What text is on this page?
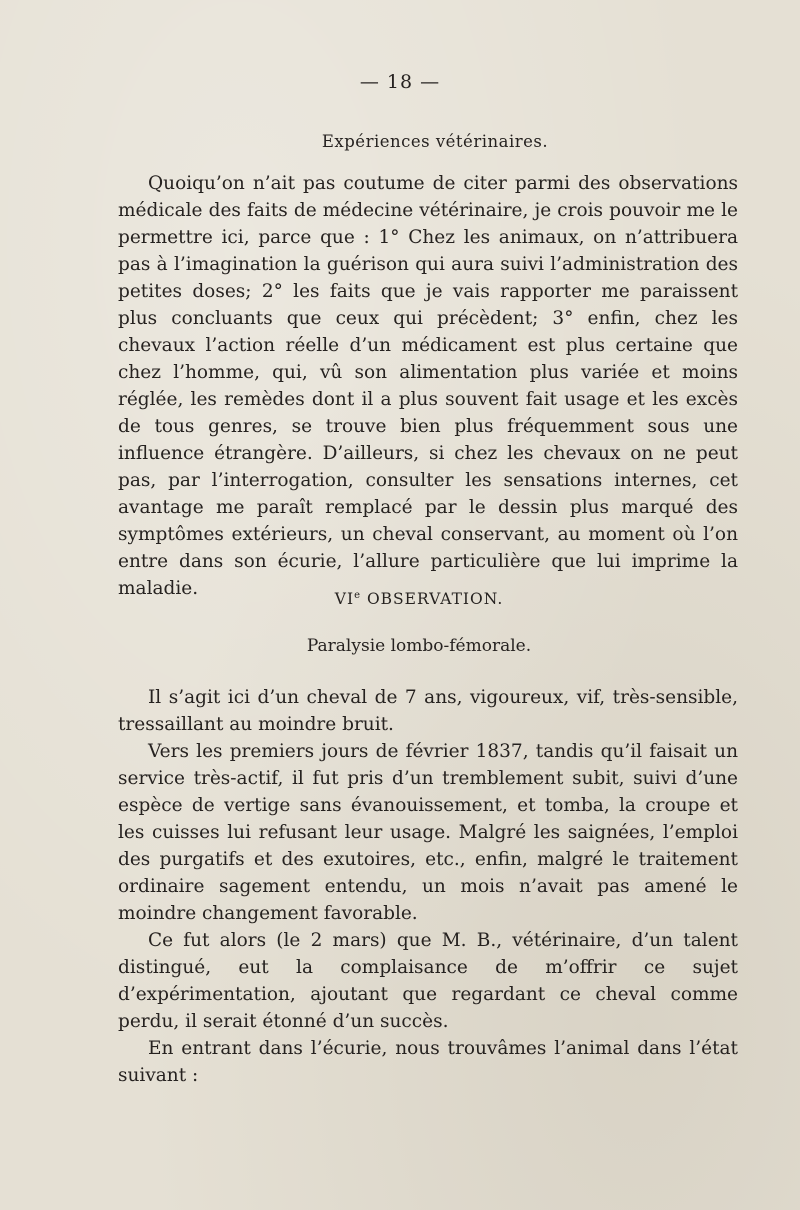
— 18 —
Expériences vétérinaires.

Quoiqu’on n’ait pas coutume de citer parmi des observations médicale des faits de médecine vétérinaire, je crois pouvoir me le permettre ici, parce que : 1° Chez les animaux, on n’attribuera pas à l’imagination la guérison qui aura suivi l’administration des petites doses; 2° les faits que je vais rapporter me paraissent plus concluants que ceux qui précèdent; 3° enfin, chez les chevaux l’action réelle d’un médicament est plus certaine que chez l’homme, qui, vû son alimentation plus variée et moins réglée, les remèdes dont il a plus souvent fait usage et les excès de tous genres, se trouve bien plus fréquemment sous une influence étrangère. D’ailleurs, si chez les chevaux on ne peut pas, par l’interrogation, consulter les sensations internes, cet avantage me paraît remplacé par le dessin plus marqué des symptômes extérieurs, un cheval conservant, au moment où l’on entre dans son écurie, l’allure particulière que lui imprime la maladie.

VIe OBSERVATION.
Paralysie lombo-fémorale.

Il s’agit ici d’un cheval de 7 ans, vigoureux, vif, très-sensible, tressaillant au moindre bruit.

Vers les premiers jours de février 1837, tandis qu’il faisait un service très-actif, il fut pris d’un tremblement subit, suivi d’une espèce de vertige sans évanouissement, et tomba, la croupe et les cuisses lui refusant leur usage. Malgré les saignées, l’emploi des purgatifs et des exutoires, etc., enfin, malgré le traitement ordinaire sagement entendu, un mois n’avait pas amené le moindre changement favorable.

Ce fut alors (le 2 mars) que M. B., vétérinaire, d’un talent distingué, eut la complaisance de m’offrir ce sujet d’expérimentation, ajoutant que regardant ce cheval comme perdu, il serait étonné d’un succès.

En entrant dans l’écurie, nous trouvâmes l’animal dans l’état suivant :
